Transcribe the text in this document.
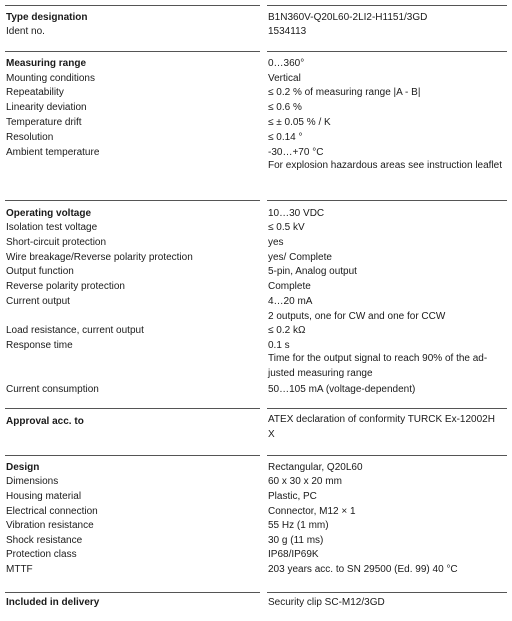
Type designation	B1N360V-Q20L60-2LI2-H1151/3GD
Ident no.	1534113
Measuring range	0…360°
Mounting conditions	Vertical
Repeatability	≤ 0.2 % of measuring range |A - B|
Linearity deviation	≤ 0.6 %
Temperature drift	≤ ± 0.05 % / K
Resolution	≤ 0.14 °
Ambient temperature	-30…+70 °C
For explosion hazardous areas see instruction leaflet
Operating voltage	10…30 VDC
Isolation test voltage	≤ 0.5 kV
Short-circuit protection	yes
Wire breakage/Reverse polarity protection	yes/ Complete
Output function	5-pin, Analog output
Reverse polarity protection	Complete
Current output	4…20 mA
2 outputs, one for CW and one for CCW
Load resistance, current output	≤ 0.2 kΩ
Response time	0.1 s
Time for the output signal to reach 90% of the ad-justed measuring range
Current consumption	50…105 mA (voltage-dependent)
Approval acc. to	ATEX declaration of conformity TURCK Ex-12002H X
Design	Rectangular, Q20L60
Dimensions	60 x 30 x 20 mm
Housing material	Plastic, PC
Electrical connection	Connector, M12 × 1
Vibration resistance	55 Hz (1 mm)
Shock resistance	30 g (11 ms)
Protection class	IP68/IP69K
MTTF	203 years acc. to SN 29500 (Ed. 99) 40 °C
Included in delivery	Security clip SC-M12/3GD
